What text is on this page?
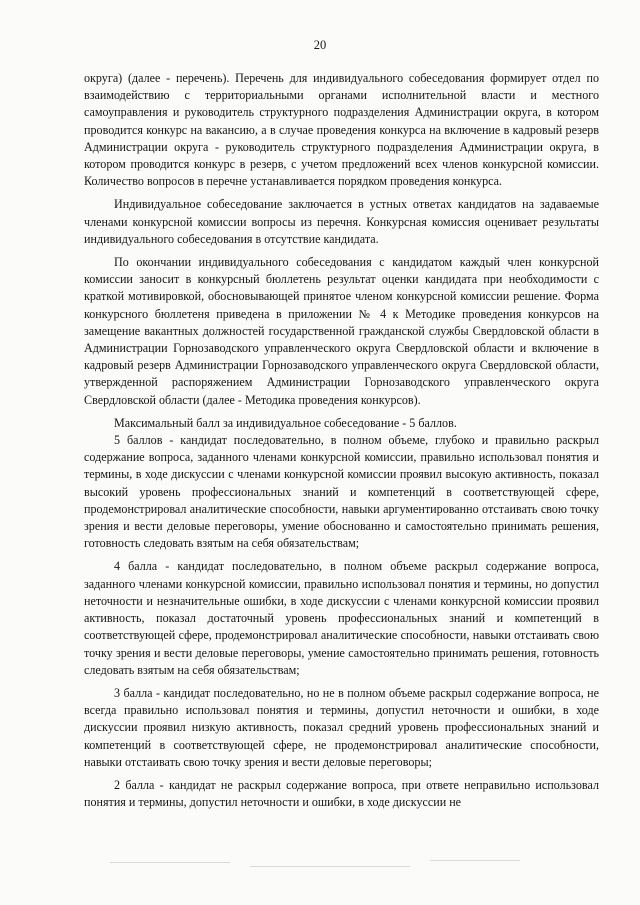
20

округа) (далее - перечень). Перечень для индивидуального собеседования формирует отдел по взаимодействию с территориальными органами исполнительной власти и местного самоуправления и руководитель структурного подразделения Администрации округа, в котором проводится конкурс на вакансию, а в случае проведения конкурса на включение в кадровый резерв Администрации округа - руководитель структурного подразделения Администрации округа, в котором проводится конкурс в резерв, с учетом предложений всех членов конкурсной комиссии. Количество вопросов в перечне устанавливается порядком проведения конкурса.

Индивидуальное собеседование заключается в устных ответах кандидатов на задаваемые членами конкурсной комиссии вопросы из перечня. Конкурсная комиссия оценивает результаты индивидуального собеседования в отсутствие кандидата.

По окончании индивидуального собеседования с кандидатом каждый член конкурсной комиссии заносит в конкурсный бюллетень результат оценки кандидата при необходимости с краткой мотивировкой, обосновывающей принятое членом конкурсной комиссии решение. Форма конкурсного бюллетеня приведена в приложении № 4 к Методике проведения конкурсов на замещение вакантных должностей государственной гражданской службы Свердловской области в Администрации Горнозаводского управленческого округа Свердловской области и включение в кадровый резерв Администрации Горнозаводского управленческого округа Свердловской области, утвержденной распоряжением Администрации Горнозаводского управленческого округа Свердловской области (далее - Методика проведения конкурсов).

Максимальный балл за индивидуальное собеседование - 5 баллов.

5 баллов - кандидат последовательно, в полном объеме, глубоко и правильно раскрыл содержание вопроса, заданного членами конкурсной комиссии, правильно использовал понятия и термины, в ходе дискуссии с членами конкурсной комиссии проявил высокую активность, показал высокий уровень профессиональных знаний и компетенций в соответствующей сфере, продемонстрировал аналитические способности, навыки аргументированно отстаивать свою точку зрения и вести деловые переговоры, умение обоснованно и самостоятельно принимать решения, готовность следовать взятым на себя обязательствам;

4 балла - кандидат последовательно, в полном объеме раскрыл содержание вопроса, заданного членами конкурсной комиссии, правильно использовал понятия и термины, но допустил неточности и незначительные ошибки, в ходе дискуссии с членами конкурсной комиссии проявил активность, показал достаточный уровень профессиональных знаний и компетенций в соответствующей сфере, продемонстрировал аналитические способности, навыки отстаивать свою точку зрения и вести деловые переговоры, умение самостоятельно принимать решения, готовность следовать взятым на себя обязательствам;

3 балла - кандидат последовательно, но не в полном объеме раскрыл содержание вопроса, не всегда правильно использовал понятия и термины, допустил неточности и ошибки, в ходе дискуссии проявил низкую активность, показал средний уровень профессиональных знаний и компетенций в соответствующей сфере, не продемонстрировал аналитические способности, навыки отстаивать свою точку зрения и вести деловые переговоры;

2 балла - кандидат не раскрыл содержание вопроса, при ответе неправильно использовал понятия и термины, допустил неточности и ошибки, в ходе дискуссии не
